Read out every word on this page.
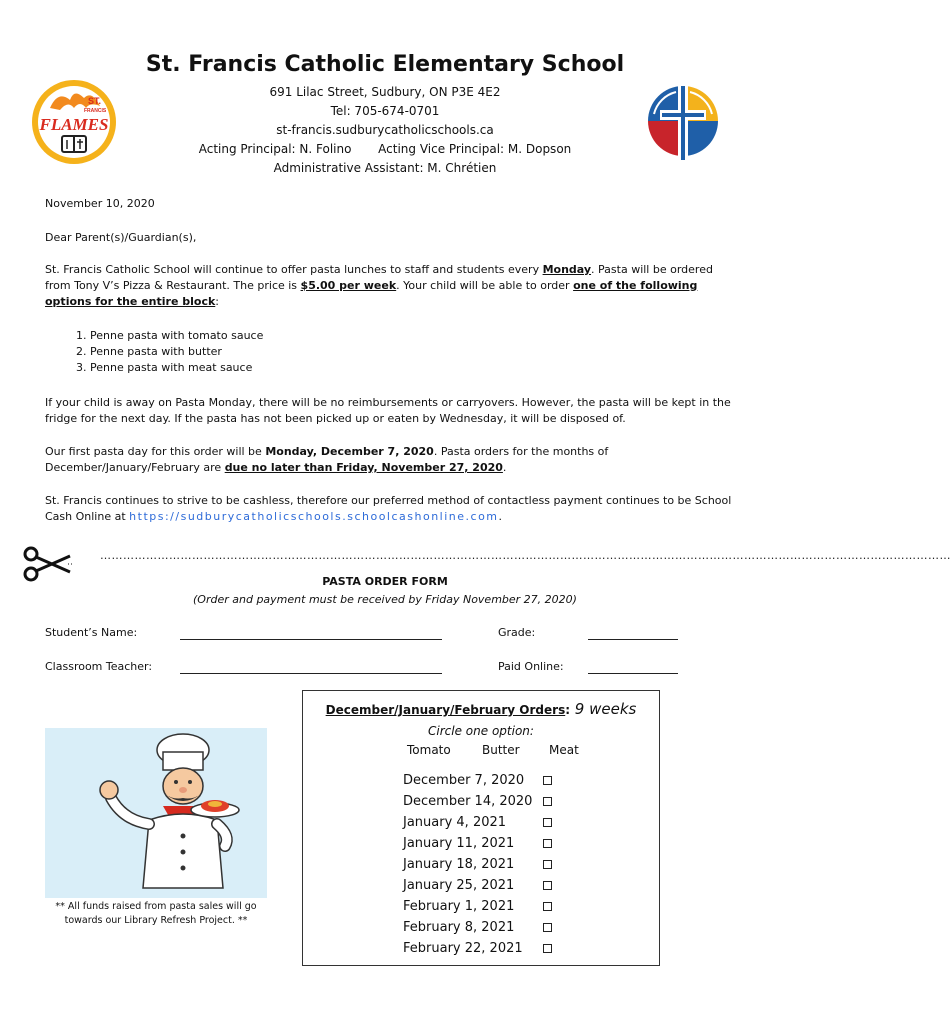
St. Francis Catholic Elementary School
691 Lilac Street, Sudbury, ON P3E 4E2
Tel: 705-674-0701
st-francis.sudburycatholicschools.ca
Acting Principal: N. Folino Acting Vice Principal: M. Dopson
Administrative Assistant: M. Chrétien
ST.
FRANCIS
FLAMES
November 10, 2020
Dear Parent(s)/Guardian(s),
St. Francis Catholic School will continue to offer pasta lunches to staff and students every Monday. Pasta will be ordered from Tony V’s Pizza & Restaurant. The price is $5.00 per week. Your child will be able to order one of the following options for the entire block:
1. Penne pasta with tomato sauce
2. Penne pasta with butter
3. Penne pasta with meat sauce
If your child is away on Pasta Monday, there will be no reimbursements or carryovers. However, the pasta will be kept in the fridge for the next day. If the pasta has not been picked up or eaten by Wednesday, it will be disposed of.
Our first pasta day for this order will be Monday, December 7, 2020. Pasta orders for the months of December/January/February are due no later than Friday, November 27, 2020.
St. Francis continues to strive to be cashless, therefore our preferred method of contactless payment continues to be School Cash Online at https://sudburycatholicschools.schoolcashonline.com.
……………………………………………………………………………………………………………………………………………………………………………………………………
PASTA ORDER FORM
(Order and payment must be received by Friday November 27, 2020)
Student’s Name:	Grade:
Classroom Teacher:	Paid Online:
** All funds raised from pasta sales will go towards our Library Refresh Project. **
December/January/February Orders: 9 weeks
Circle one option:
Tomato	Butter Meat
December 7, 2020
December 14, 2020
January 4, 2021
January 11, 2021
January 18, 2021
January 25, 2021
February 1, 2021
February 8, 2021
February 22, 2021
